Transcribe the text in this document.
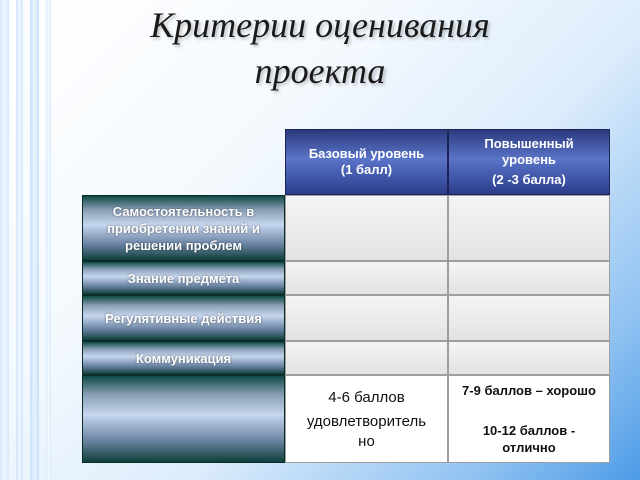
Критерии оценивания
проекта
Базовый уровень
(1 балл)
Повышенный
уровень
(2 -3 балла)
Самостоятельность в приобретении знаний и решении проблем
Знание предмета
Регулятивные действия
Коммуникация
4-6 баллов
удовлетворитель
но
7-9 баллов – хорошо
10-12 баллов - отлично
